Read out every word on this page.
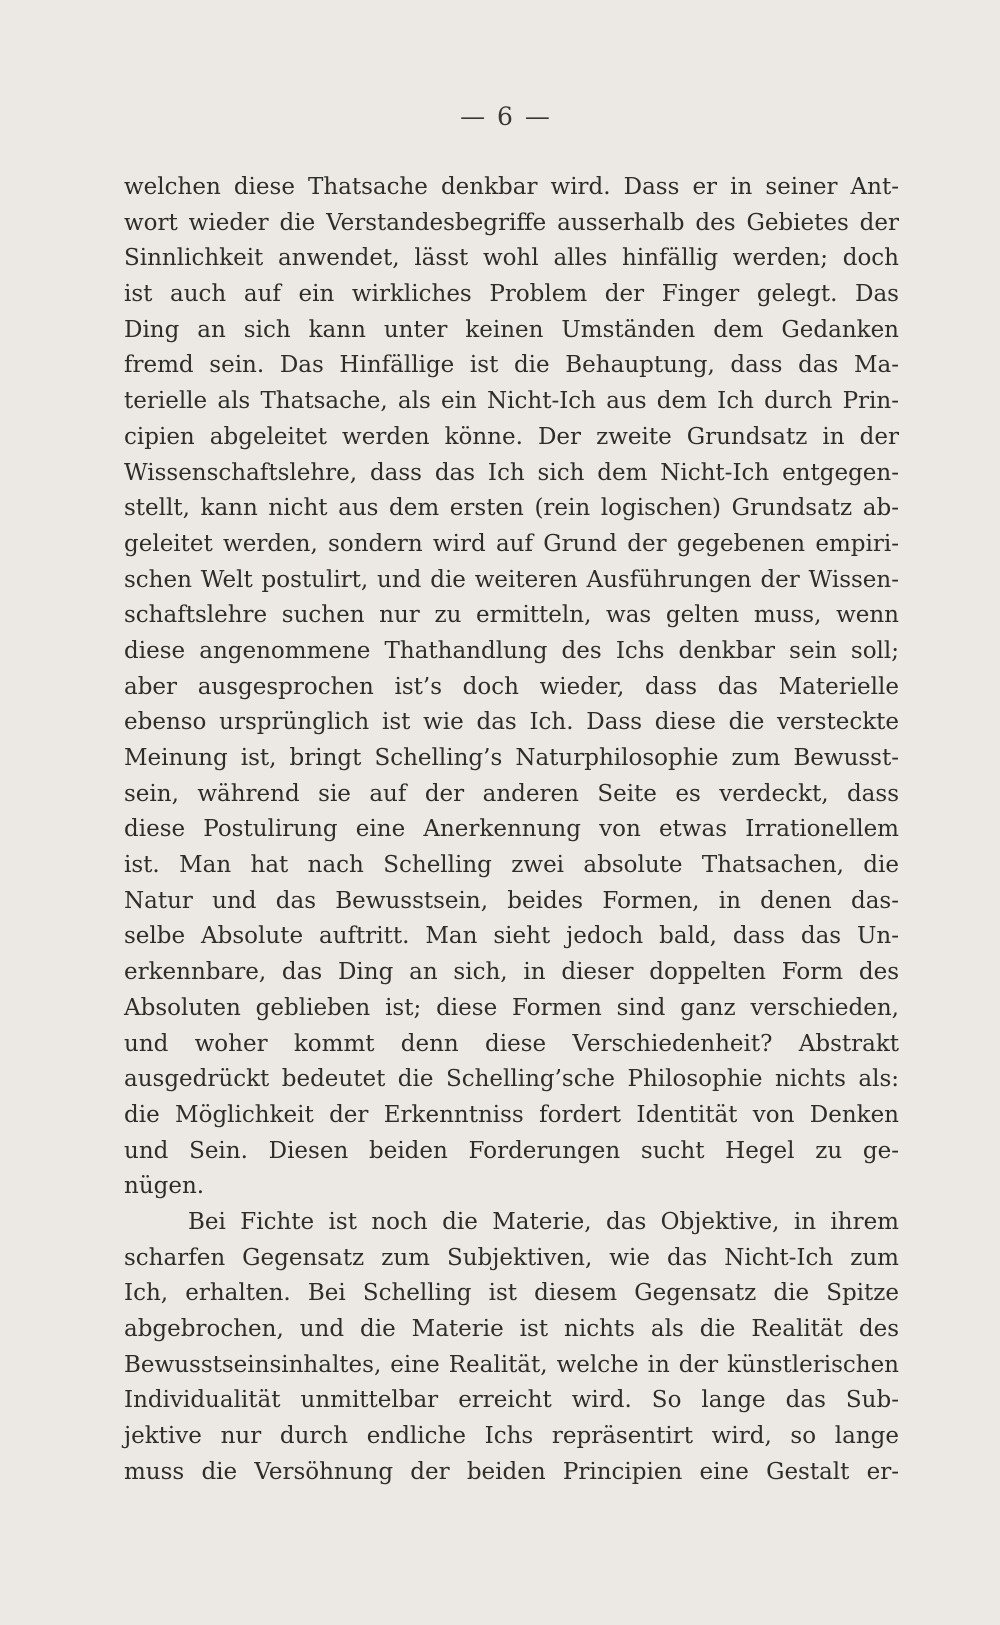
— 6 —
welchen diese Thatsache denkbar wird. Dass er in seiner Ant-
wort wieder die Verstandesbegriffe ausserhalb des Gebietes der
Sinnlichkeit anwendet, lässt wohl alles hinfällig werden; doch
ist auch auf ein wirkliches Problem der Finger gelegt. Das
Ding an sich kann unter keinen Umständen dem Gedanken
fremd sein. Das Hinfällige ist die Behauptung, dass das Ma-
terielle als Thatsache, als ein Nicht-Ich aus dem Ich durch Prin-
cipien abgeleitet werden könne. Der zweite Grundsatz in der
Wissenschaftslehre, dass das Ich sich dem Nicht-Ich entgegen-
stellt, kann nicht aus dem ersten (rein logischen) Grundsatz ab-
geleitet werden, sondern wird auf Grund der gegebenen empiri-
schen Welt postulirt, und die weiteren Ausführungen der Wissen-
schaftslehre suchen nur zu ermitteln, was gelten muss, wenn
diese angenommene Thathandlung des Ichs denkbar sein soll;
aber ausgesprochen ist’s doch wieder, dass das Materielle
ebenso ursprünglich ist wie das Ich. Dass diese die versteckte
Meinung ist, bringt Schelling’s Naturphilosophie zum Bewusst-
sein, während sie auf der anderen Seite es verdeckt, dass
diese Postulirung eine Anerkennung von etwas Irrationellem
ist. Man hat nach Schelling zwei absolute Thatsachen, die
Natur und das Bewusstsein, beides Formen, in denen das-
selbe Absolute auftritt. Man sieht jedoch bald, dass das Un-
erkennbare, das Ding an sich, in dieser doppelten Form des
Absoluten geblieben ist; diese Formen sind ganz verschieden,
und woher kommt denn diese Verschiedenheit? Abstrakt
ausgedrückt bedeutet die Schelling’sche Philosophie nichts als:
die Möglichkeit der Erkenntniss fordert Identität von Denken
und Sein. Diesen beiden Forderungen sucht Hegel zu ge-
nügen.
Bei Fichte ist noch die Materie, das Objektive, in ihrem
scharfen Gegensatz zum Subjektiven, wie das Nicht-Ich zum
Ich, erhalten. Bei Schelling ist diesem Gegensatz die Spitze
abgebrochen, und die Materie ist nichts als die Realität des
Bewusstseinsinhaltes, eine Realität, welche in der künstlerischen
Individualität unmittelbar erreicht wird. So lange das Sub-
jektive nur durch endliche Ichs repräsentirt wird, so lange
muss die Versöhnung der beiden Principien eine Gestalt er-
